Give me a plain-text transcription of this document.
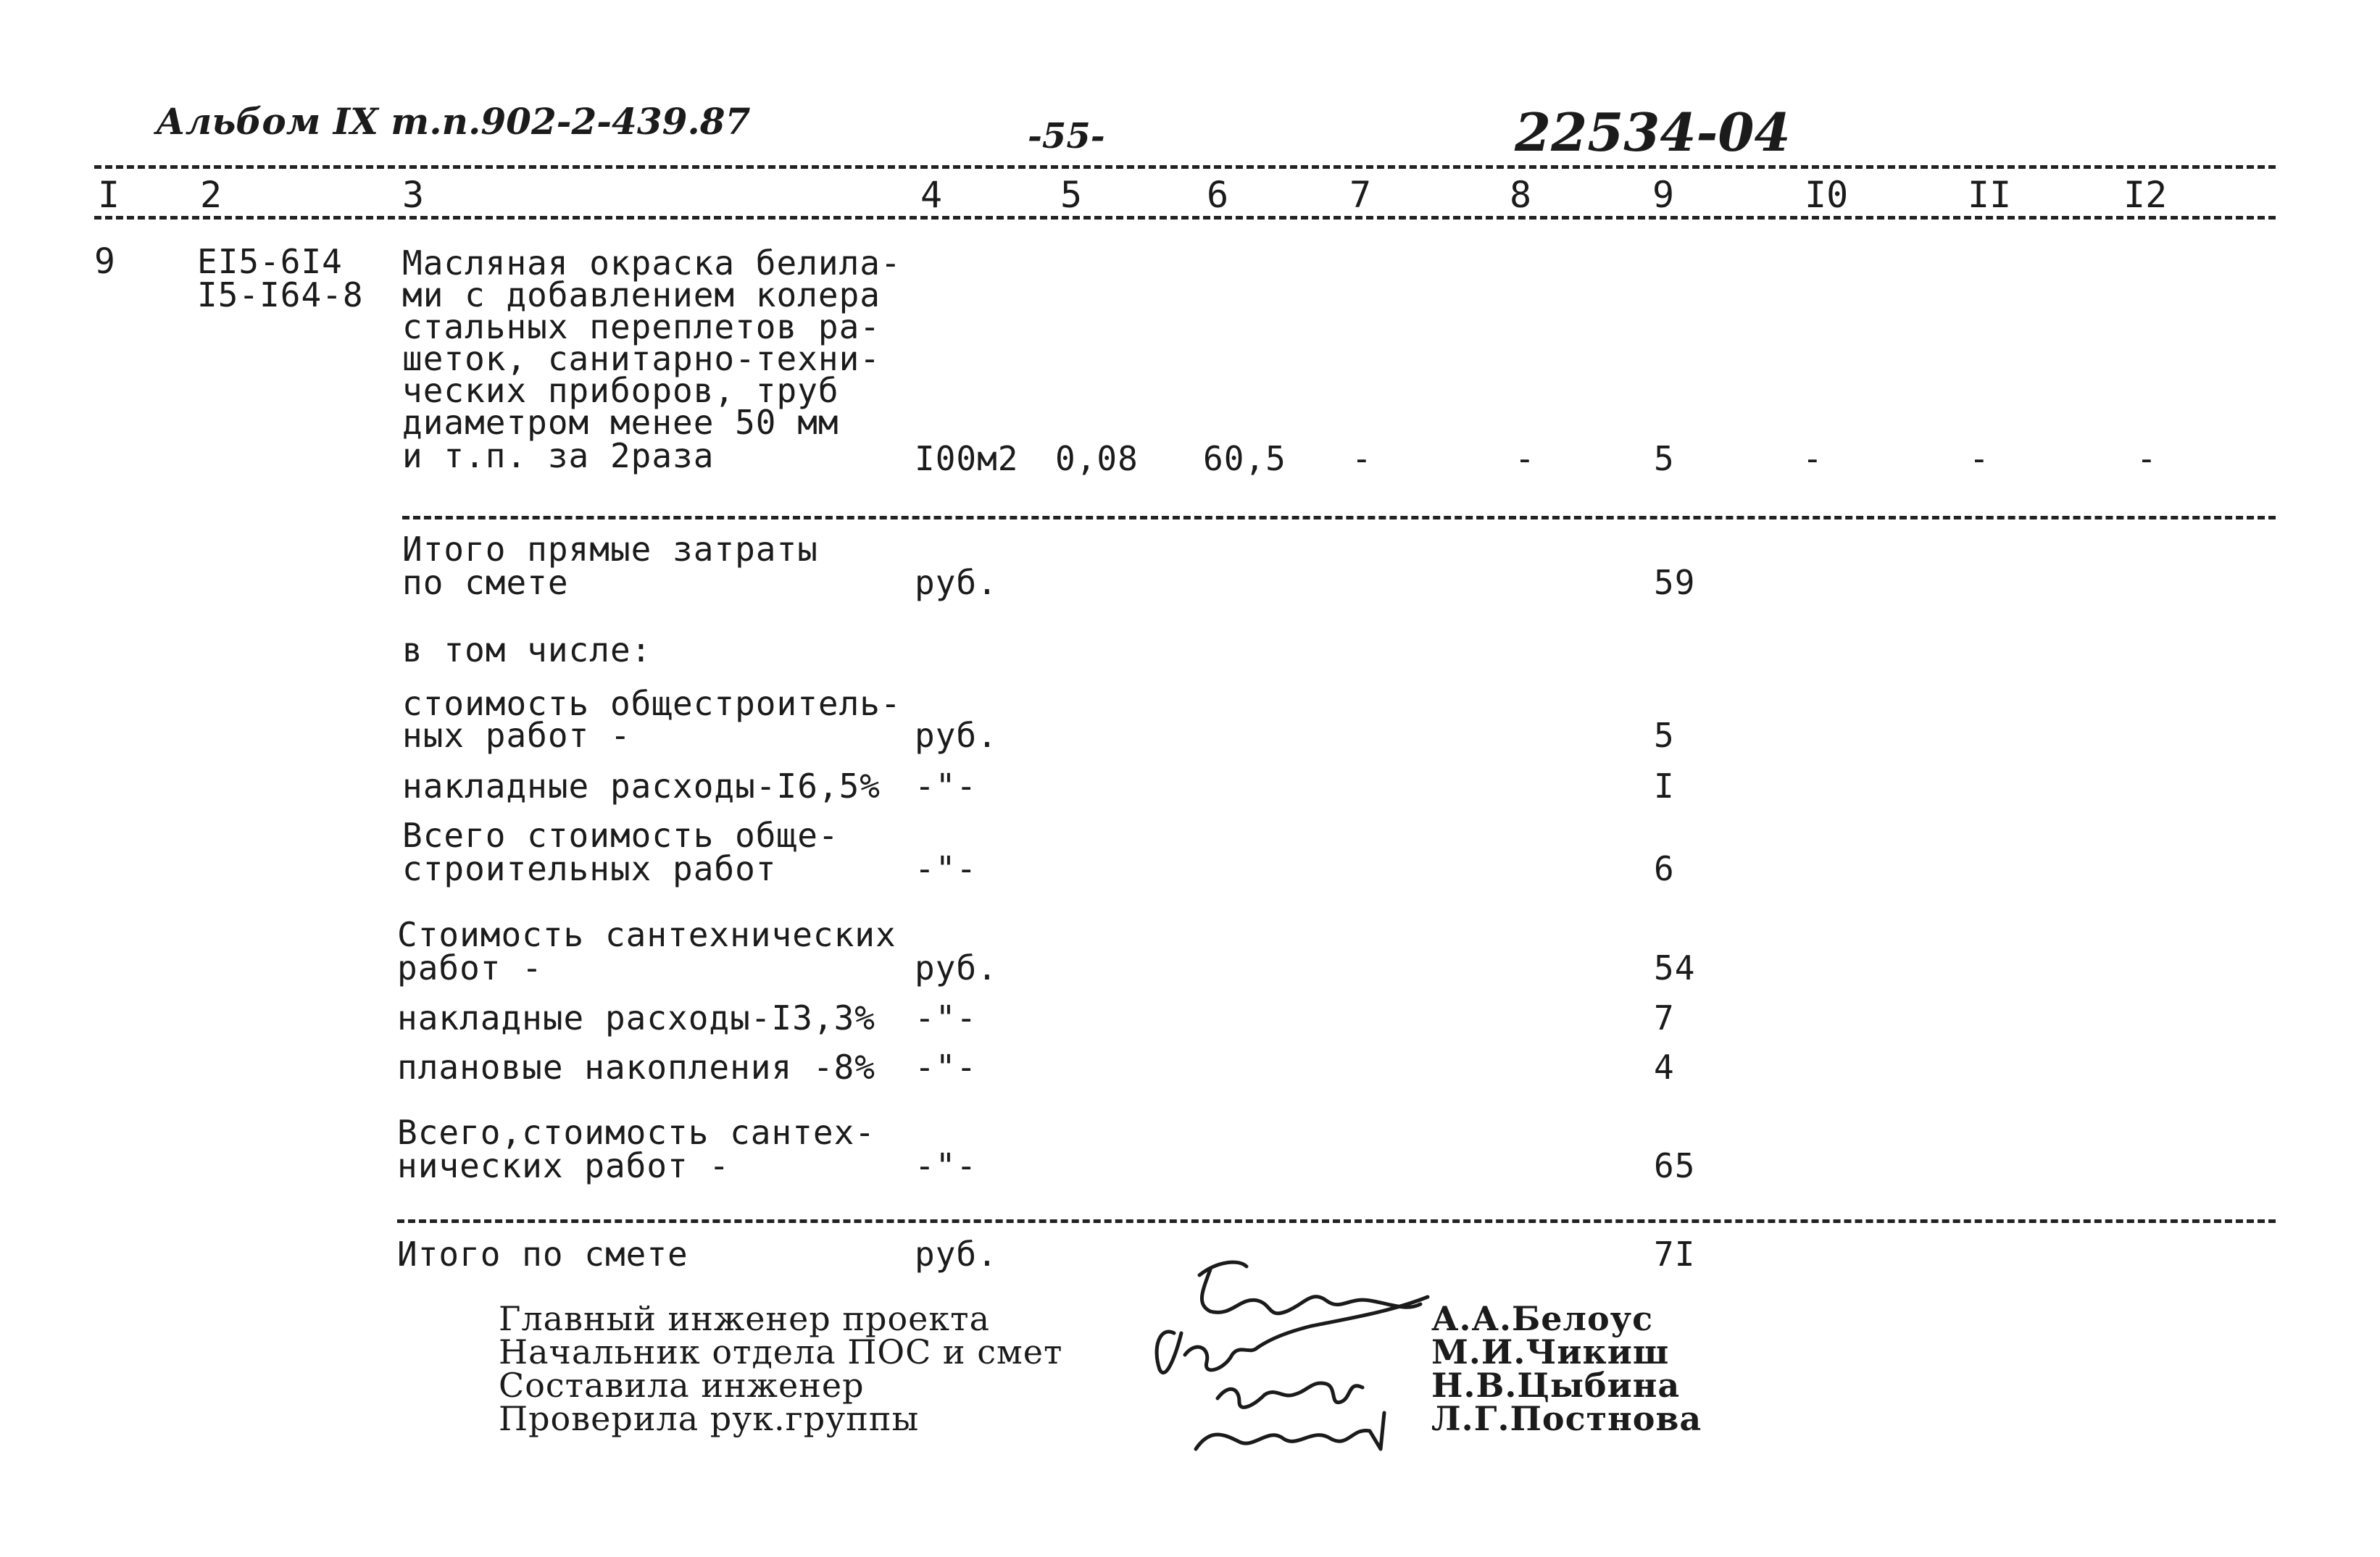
Альбом IX т.п.902-2-439.87	-55-	22534-04
I 2	3	4	5	6	7	8	9	I0	II	I2
9 EI5-6I4
I5-I64-8
Масляная окраска белила-
ми с добавлением колера
стальных переплетов ра-
шеток, санитарно-техни-
ческих приборов, труб
диаметром менее 50 мм
и т.п. за 2раза	I00м2 0,08 60,5 -	-	5	-	-	-
Итого прямые затраты
по смете	руб.	59
в том числе:
стоимость общестроитель-
ных работ -	руб.	5
накладные расходы-I6,5% -"-	I
Всего стоимость обще-
строительных работ	-"-	6
Стоимость сантехнических
работ -	руб.	54
накладные расходы-I3,3% -"-	7
плановые накопления -8% -"-	4
Всего,стоимость сантех-
нических работ -	-"-	65
Итого по смете	руб.	7I
Главный инженер проекта
Начальник отдела ПОС и смет
Составила инженер
Проверила рук.группы
А.А.Белоус
М.И.Чикиш
Н.В.Цыбина
Л.Г.Постнова
